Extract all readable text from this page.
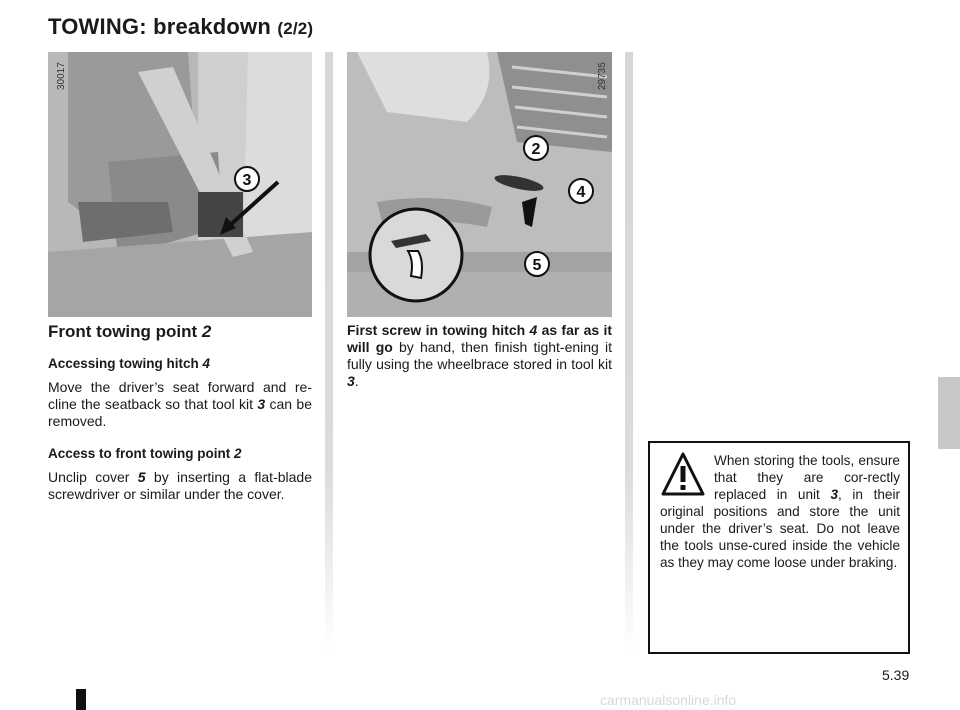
TOWING: breakdown (2/2)
3
30017
2
4
5
29735
Front towing point 2
Accessing towing hitch 4
Move the driver’s seat forward and re-cline the seatback so that tool kit 3 can be removed.
Access to front towing point 2
Unclip cover 5 by inserting a flat-blade screwdriver or similar under the cover.
First screw in towing hitch 4 as far as it will go by hand, then finish tight-ening it fully using the wheelbrace stored in tool kit 3.
When storing the tools, ensure that they are cor-rectly replaced in unit 3, in their original positions and store the unit under the driver’s seat. Do not leave the tools unse-cured inside the vehicle as they may come loose under braking.
5.39
carmanualsonline.info
